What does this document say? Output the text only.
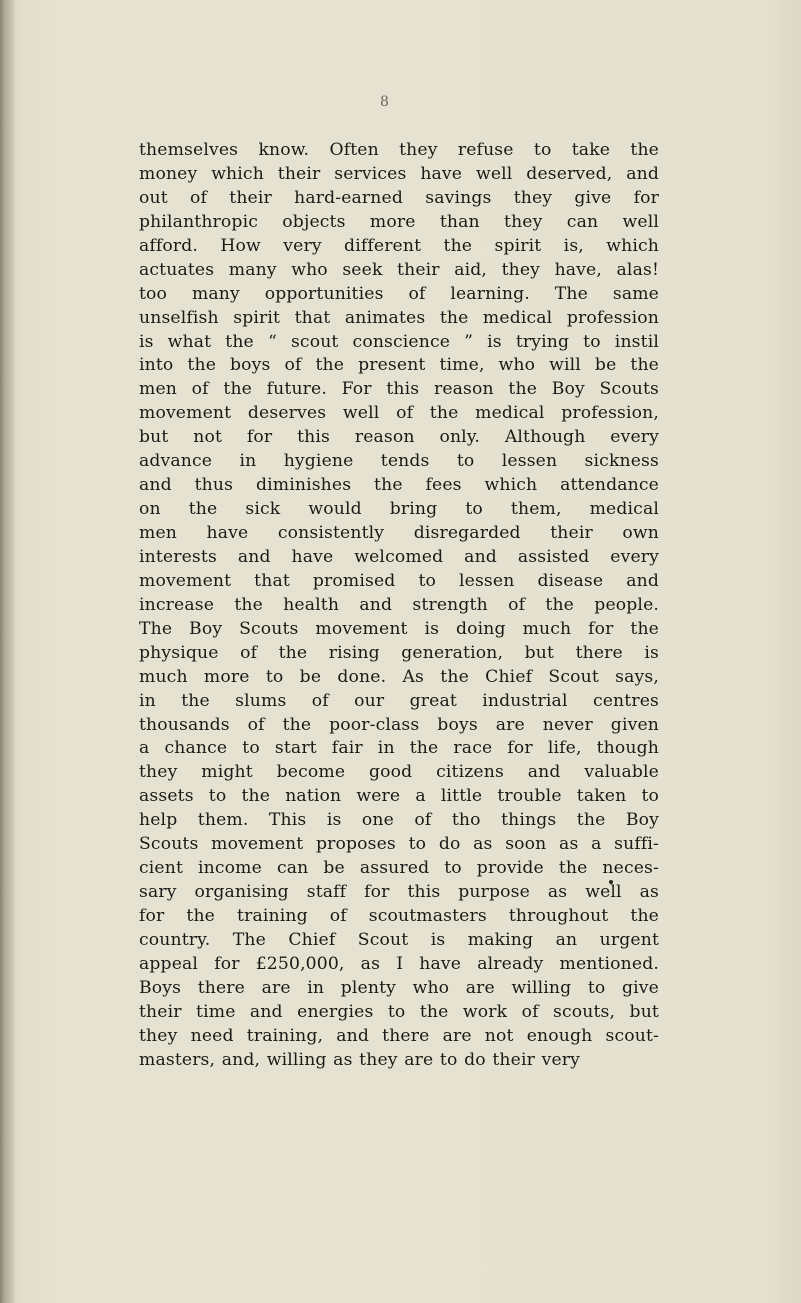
8
themselves know. Often they refuse to take the
money which their services have well deserved, and
out of their hard-earned savings they give for
philanthropic objects more than they can well
afford. How very different the spirit is, which
actuates many who seek their aid, they have, alas!
too many opportunities of learning. The same
unselfish spirit that animates the medical profession
is what the “ scout conscience ” is trying to instil
into the boys of the present time, who will be the
men of the future. For this reason the Boy Scouts
movement deserves well of the medical profession,
but not for this reason only. Although every
advance in hygiene tends to lessen sickness
and thus diminishes the fees which attendance
on the sick would bring to them, medical
men have consistently disregarded their own
interests and have welcomed and assisted every
movement that promised to lessen disease and
increase the health and strength of the people.
The Boy Scouts movement is doing much for the
physique of the rising generation, but there is
much more to be done. As the Chief Scout says,
in the slums of our great industrial centres
thousands of the poor-class boys are never given
a chance to start fair in the race for life, though
they might become good citizens and valuable
assets to the nation were a little trouble taken to
help them. This is one of tho things the Boy
Scouts movement proposes to do as soon as a suffi-
cient income can be assured to provide the neces-
sary organising staff for this purpose as well as
for the training of scoutmasters throughout the
country. The Chief Scout is making an urgent
appeal for £250,000, as I have already mentioned.
Boys there are in plenty who are willing to give
their time and energies to the work of scouts, but
they need training, and there are not enough scout-
masters, and, willing as they are to do their very
